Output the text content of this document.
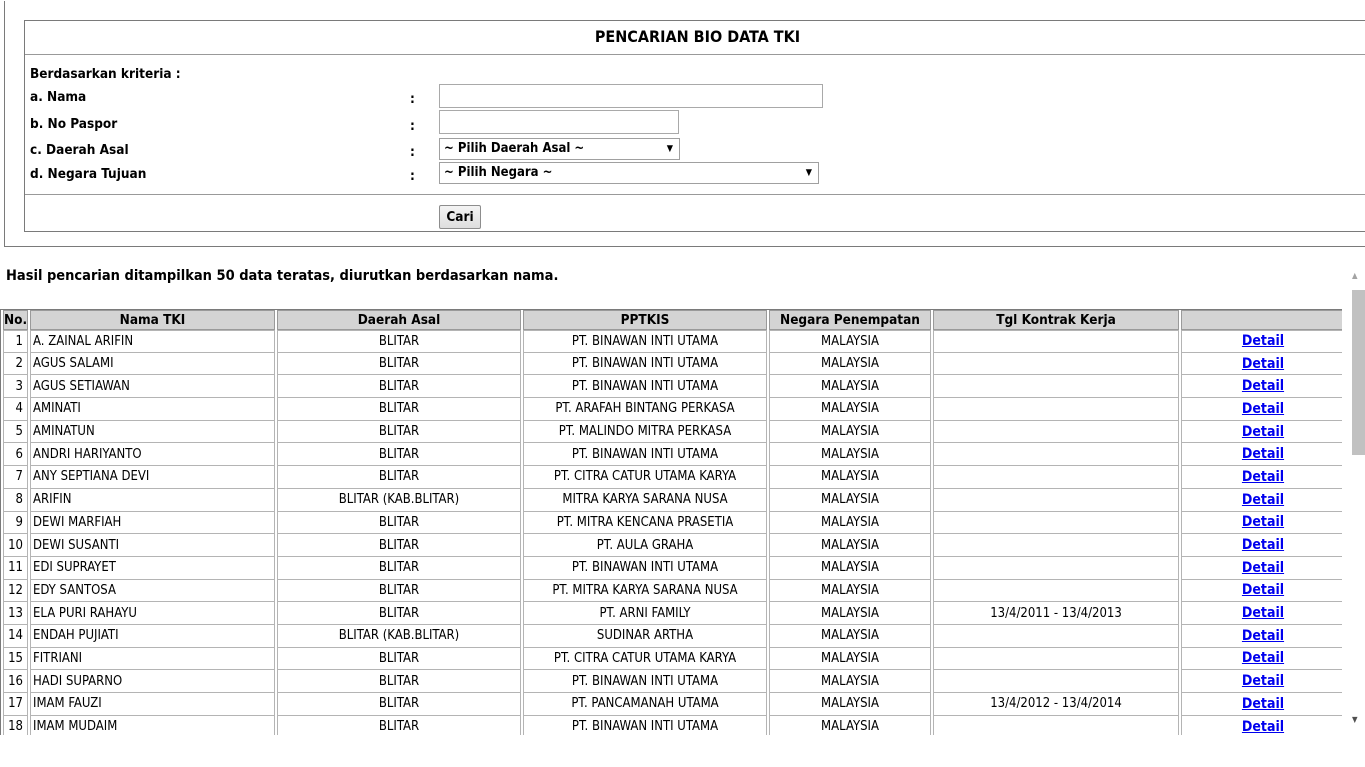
PENCARIAN BIO DATA TKI
Berdasarkan kriteria :
a. Nama	:
b. No Paspor	:
c. Daerah Asal	:	~ Pilih Daerah Asal ~	▼
d. Negara Tujuan	:	~ Pilih Negara ~	▼
Cari
Hasil pencarian ditampilkan 50 data teratas, diurutkan berdasarkan nama.	▲
▼
No.	Nama TKI	Daerah Asal	PPTKIS	Negara Penempatan	Tgl Kontrak Kerja	
1	A. ZAINAL ARIFIN	BLITAR	PT. BINAWAN INTI UTAMA	MALAYSIA		Detail
2	AGUS SALAMI	BLITAR	PT. BINAWAN INTI UTAMA	MALAYSIA		Detail
3	AGUS SETIAWAN	BLITAR	PT. BINAWAN INTI UTAMA	MALAYSIA		Detail
4	AMINATI	BLITAR	PT. ARAFAH BINTANG PERKASA	MALAYSIA		Detail
5	AMINATUN	BLITAR	PT. MALINDO MITRA PERKASA	MALAYSIA		Detail
6	ANDRI HARIYANTO	BLITAR	PT. BINAWAN INTI UTAMA	MALAYSIA		Detail
7	ANY SEPTIANA DEVI	BLITAR	PT. CITRA CATUR UTAMA KARYA	MALAYSIA		Detail
8	ARIFIN	BLITAR (KAB.BLITAR)	MITRA KARYA SARANA NUSA	MALAYSIA		Detail
9	DEWI MARFIAH	BLITAR	PT. MITRA KENCANA PRASETIA	MALAYSIA		Detail
10	DEWI SUSANTI	BLITAR	PT. AULA GRAHA	MALAYSIA		Detail
11	EDI SUPRAYET	BLITAR	PT. BINAWAN INTI UTAMA	MALAYSIA		Detail
12	EDY SANTOSA	BLITAR	PT. MITRA KARYA SARANA NUSA	MALAYSIA		Detail
13	ELA PURI RAHAYU	BLITAR	PT. ARNI FAMILY	MALAYSIA	13/4/2011 - 13/4/2013	Detail
14	ENDAH PUJIATI	BLITAR (KAB.BLITAR)	SUDINAR ARTHA	MALAYSIA		Detail
15	FITRIANI	BLITAR	PT. CITRA CATUR UTAMA KARYA	MALAYSIA		Detail
16	HADI SUPARNO	BLITAR	PT. BINAWAN INTI UTAMA	MALAYSIA		Detail
17	IMAM FAUZI	BLITAR	PT. PANCAMANAH UTAMA	MALAYSIA	13/4/2012 - 13/4/2014	Detail
18	IMAM MUDAIM	BLITAR	PT. BINAWAN INTI UTAMA	MALAYSIA		Detail
